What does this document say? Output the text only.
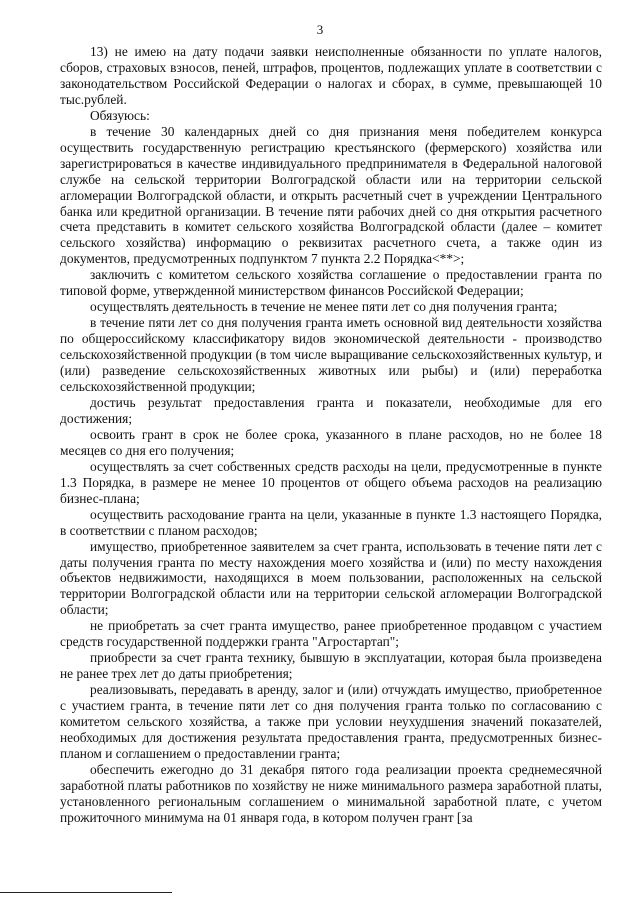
3

13) не имею на дату подачи заявки неисполненные обязанности по уплате налогов, сборов, страховых взносов, пеней, штрафов, процентов, подлежащих уплате в соответствии с законодательством Российской Федерации о налогах и сборах, в сумме, превышающей 10 тыс.рублей.

Обязуюсь:

в течение 30 календарных дней со дня признания меня победителем конкурса осуществить государственную регистрацию крестьянского (фермерского) хозяйства или зарегистрироваться в качестве индивидуального предпринимателя в Федеральной налоговой службе на сельской территории Волгоградской области или на территории сельской агломерации Волгоградской области, и открыть расчетный счет в учреждении Центрального банка или кредитной организации. В течение пяти рабочих дней со дня открытия расчетного счета представить в комитет сельского хозяйства Волгоградской области (далее – комитет сельского хозяйства) информацию о реквизитах расчетного счета, а также один из документов, предусмотренных подпунктом 7 пункта 2.2 Порядка<**>;

заключить с комитетом сельского хозяйства соглашение о предоставлении гранта по типовой форме, утвержденной министерством финансов Российской Федерации;

осуществлять деятельность в течение не менее пяти лет со дня получения гранта;

в течение пяти лет со дня получения гранта иметь основной вид деятельности хозяйства по общероссийскому классификатору видов экономической деятельности - производство сельскохозяйственной продукции (в том числе выращивание сельскохозяйственных культур, и (или) разведение сельскохозяйственных животных или рыбы) и (или) переработка сельскохозяйственной продукции;

достичь результат предоставления гранта и показатели, необходимые для его достижения;

освоить грант в срок не более срока, указанного в плане расходов, но не более 18 месяцев со дня его получения;

осуществлять за счет собственных средств расходы на цели, предусмотренные в пункте 1.3 Порядка, в размере не менее 10 процентов от общего объема расходов на реализацию бизнес-плана;

осуществить расходование гранта на цели, указанные в пункте 1.3 настоящего Порядка, в соответствии с планом расходов;

имущество, приобретенное заявителем за счет гранта, использовать в течение пяти лет с даты получения гранта по месту нахождения моего хозяйства и (или) по месту нахождения объектов недвижимости, находящихся в моем пользовании, расположенных на сельской территории Волгоградской области или на территории сельской агломерации Волгоградской области;

не приобретать за счет гранта имущество, ранее приобретенное продавцом с участием средств государственной поддержки гранта "Агростартап";

приобрести за счет гранта технику, бывшую в эксплуатации, которая была произведена не ранее трех лет до даты приобретения;

реализовывать, передавать в аренду, залог и (или) отчуждать имущество, приобретенное с участием гранта, в течение пяти лет со дня получения гранта только по согласованию с комитетом сельского хозяйства, а также при условии неухудшения значений показателей, необходимых для достижения результата предоставления гранта, предусмотренных бизнес-планом и соглашением о предоставлении гранта;

обеспечить ежегодно до 31 декабря пятого года реализации проекта среднемесячной заработной платы работников по хозяйству не ниже минимального размера заработной платы, установленного региональным соглашением о минимальной заработной плате, с учетом прожиточного минимума на 01 января года, в котором получен грант [за
